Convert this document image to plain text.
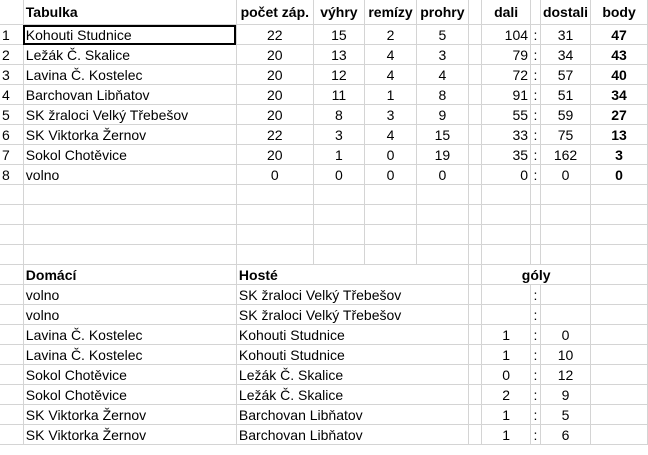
	Tabulka	počet záp.	výhry	remízy	prohry		dali		dostali	body
1	Kohouti Studnice	22	15	2	5		104	:	31	47
2	Ležák Č. Skalice	20	13	4	3		79	:	34	43
3	Lavina Č. Kostelec	20	12	4	4		72	:	57	40
4	Barchovan Libňatov	20	11	1	8		91	:	51	34
5	SK žraloci Velký Třebešov	20	8	3	9		55	:	59	27
6	SK Viktorka Žernov	22	3	4	15		33	:	75	13
7	Sokol Chotěvice	20	1	0	19		35	:	162	3
8	volno	0	0	0	0		0	:	0	0

	Domácí	Hosté					góly			
	volno	SK žraloci Velký Třebešov						:		
	volno	SK žraloci Velký Třebešov						:		
	Lavina Č. Kostelec	Kohouti Studnice					1	:	0	
	Lavina Č. Kostelec	Kohouti Studnice					1	:	10	
	Sokol Chotěvice	Ležák Č. Skalice					0	:	12	
	Sokol Chotěvice	Ležák Č. Skalice					2	:	9	
	SK Viktorka Žernov	Barchovan Libňatov					1	:	5	
	SK Viktorka Žernov	Barchovan Libňatov					1	:	6	
